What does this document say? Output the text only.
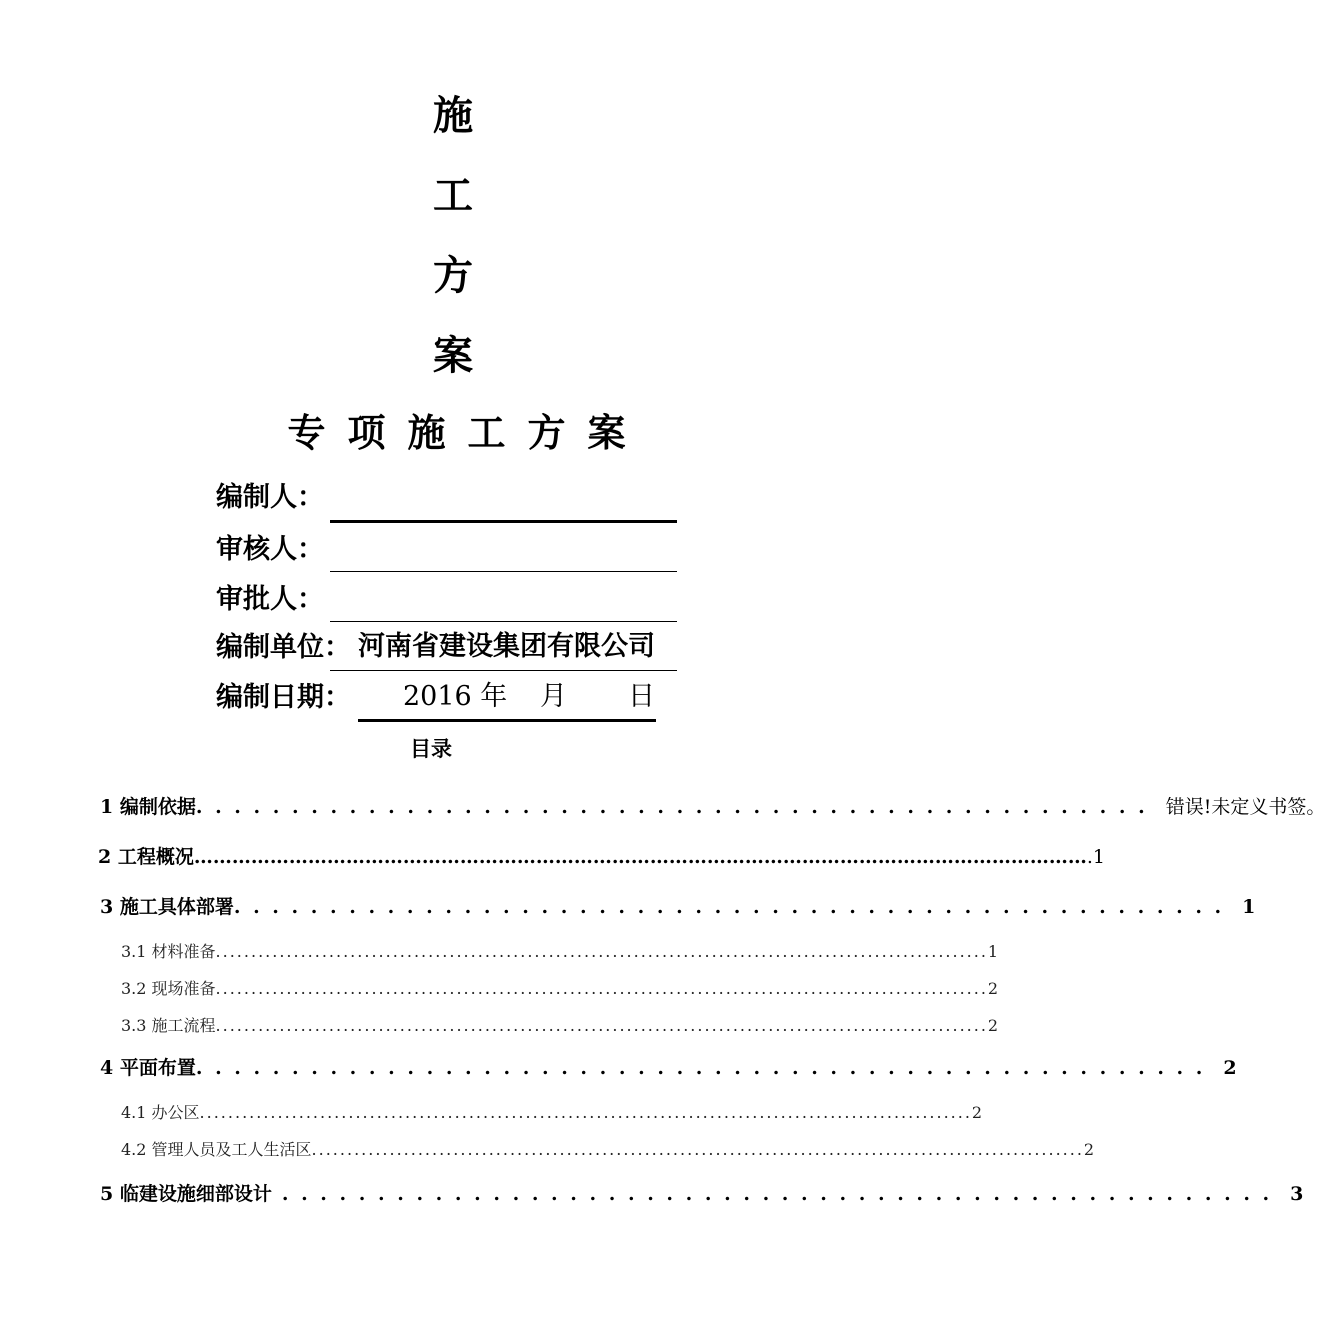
施
工
方
案
专项施工方案
编制人：
审核人：
审批人：
编制单位： 河南省建设集团有限公司
编制日期： 2016 年 月 日
目录
1 编制依据 . . . . . . . . . . . . . . . . . . . . . . . . . . . . . . . . . . . . . . . . . . . . . . . . . . 错误!未定义书签。
2 工程概况 …………………………………………………………………………………………………………………………… .1
3 施工具体部署 . . . . . . . . . . . . . . . . . . . . . . . . . . . . . . . . . . . . . . . . . . . . . . . . . . . . 1
3.1 材料准备 ............................................................................................................. 1
3.2 现场准备 ............................................................................................................. 2
3.3 施工流程 ............................................................................................................. 2
4 平面布置 . . . . . . . . . . . . . . . . . . . . . . . . . . . . . . . . . . . . . . . . . . . . . . . . . . . . . 2
4.1 办公区 ............................................................................................................. 2
4.2 管理人员及工人生活区 ............................................................................................................. 2
5 临建设施细部设计 . . . . . . . . . . . . . . . . . . . . . . . . . . . . . . . . . . . . . . . . . . . . . . . . . . . . 3
